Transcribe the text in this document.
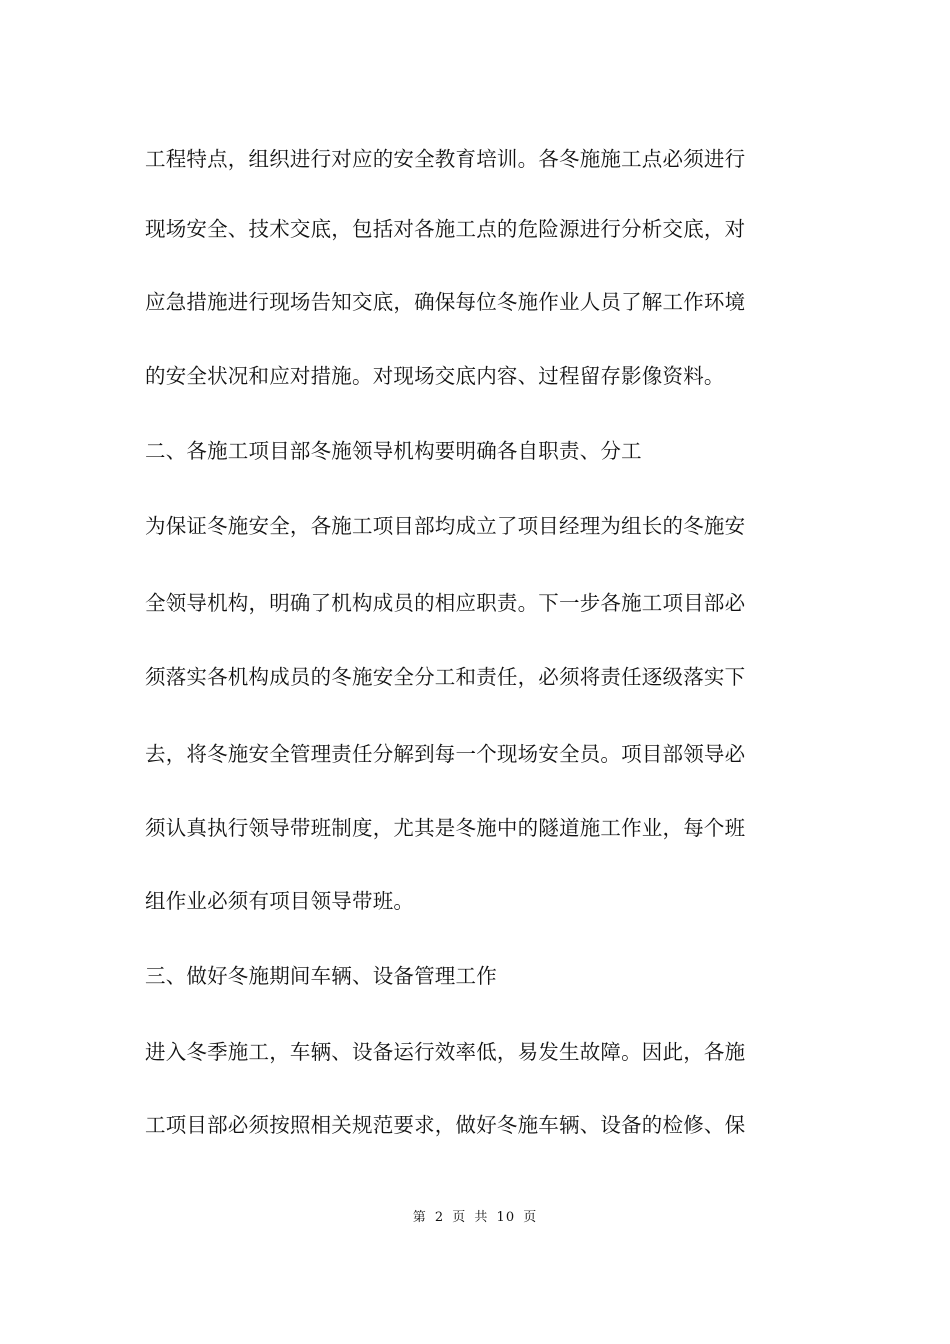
工程特点，组织进行对应的安全教育培训。各冬施施工点必须进行
现场安全、技术交底，包括对各施工点的危险源进行分析交底，对
应急措施进行现场告知交底，确保每位冬施作业人员了解工作环境
的安全状况和应对措施。对现场交底内容、过程留存影像资料。
二、各施工项目部冬施领导机构要明确各自职责、分工
为保证冬施安全，各施工项目部均成立了项目经理为组长的冬施安
全领导机构，明确了机构成员的相应职责。下一步各施工项目部必
须落实各机构成员的冬施安全分工和责任，必须将责任逐级落实下
去，将冬施安全管理责任分解到每一个现场安全员。项目部领导必
须认真执行领导带班制度，尤其是冬施中的隧道施工作业，每个班
组作业必须有项目领导带班。
三、做好冬施期间车辆、设备管理工作
进入冬季施工，车辆、设备运行效率低，易发生故障。因此，各施
工项目部必须按照相关规范要求，做好冬施车辆、设备的检修、保
第 2 页 共 10 页
